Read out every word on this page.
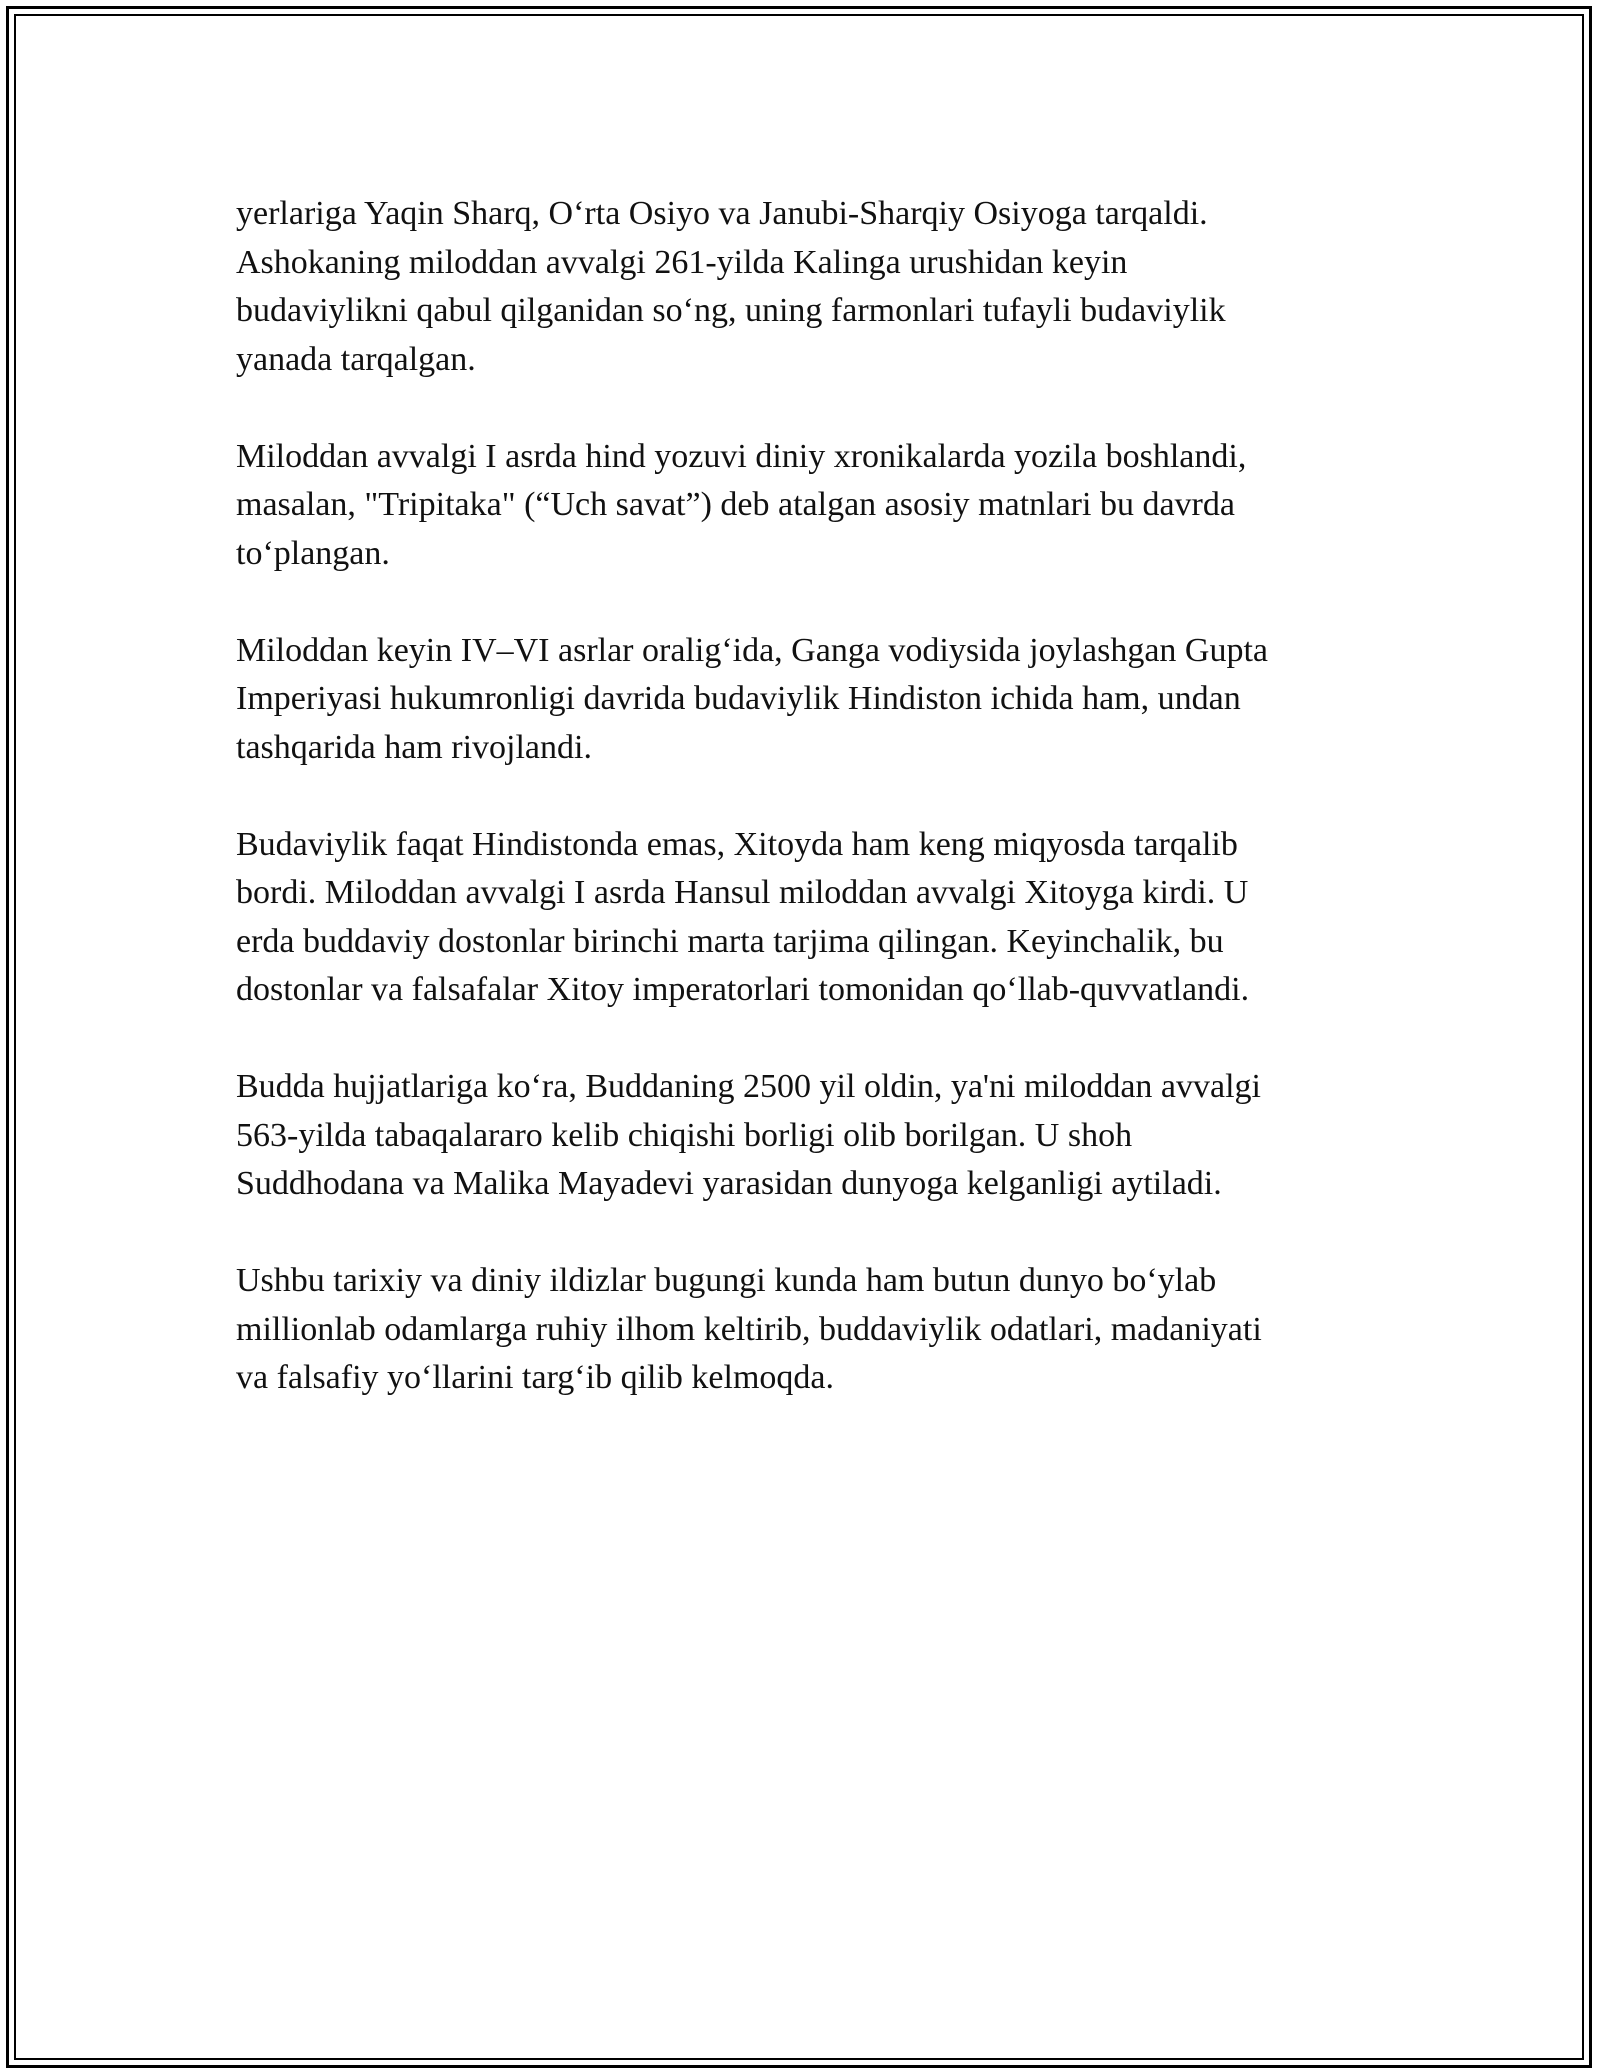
yerlariga Yaqin Sharq, O‘rta Osiyo va Janubi-Sharqiy Osiyoga tarqaldi.
Ashokaning miloddan avvalgi 261-yilda Kalinga urushidan keyin
budaviylikni qabul qilganidan so‘ng, uning farmonlari tufayli budaviylik
yanada tarqalgan.

Miloddan avvalgi I asrda hind yozuvi diniy xronikalarda yozila boshlandi,
masalan, "Tripitaka" (“Uch savat”) deb atalgan asosiy matnlari bu davrda
to‘plangan.

Miloddan keyin IV–VI asrlar oralig‘ida, Ganga vodiysida joylashgan Gupta
Imperiyasi hukumronligi davrida budaviylik Hindiston ichida ham, undan
tashqarida ham rivojlandi.

Budaviylik faqat Hindistonda emas, Xitoyda ham keng miqyosda tarqalib
bordi. Miloddan avvalgi I asrda Hansul miloddan avvalgi Xitoyga kirdi. U
erda buddaviy dostonlar birinchi marta tarjima qilingan. Keyinchalik, bu
dostonlar va falsafalar Xitoy imperatorlari tomonidan qo‘llab-quvvatlandi.

Budda hujjatlariga ko‘ra, Buddaning 2500 yil oldin, ya'ni miloddan avvalgi
563-yilda tabaqalararo kelib chiqishi borligi olib borilgan. U shoh
Suddhodana va Malika Mayadevi yarasidan dunyoga kelganligi aytiladi.

Ushbu tarixiy va diniy ildizlar bugungi kunda ham butun dunyo bo‘ylab
millionlab odamlarga ruhiy ilhom keltirib, buddaviylik odatlari, madaniyati
va falsafiy yo‘llarini targ‘ib qilib kelmoqda.
